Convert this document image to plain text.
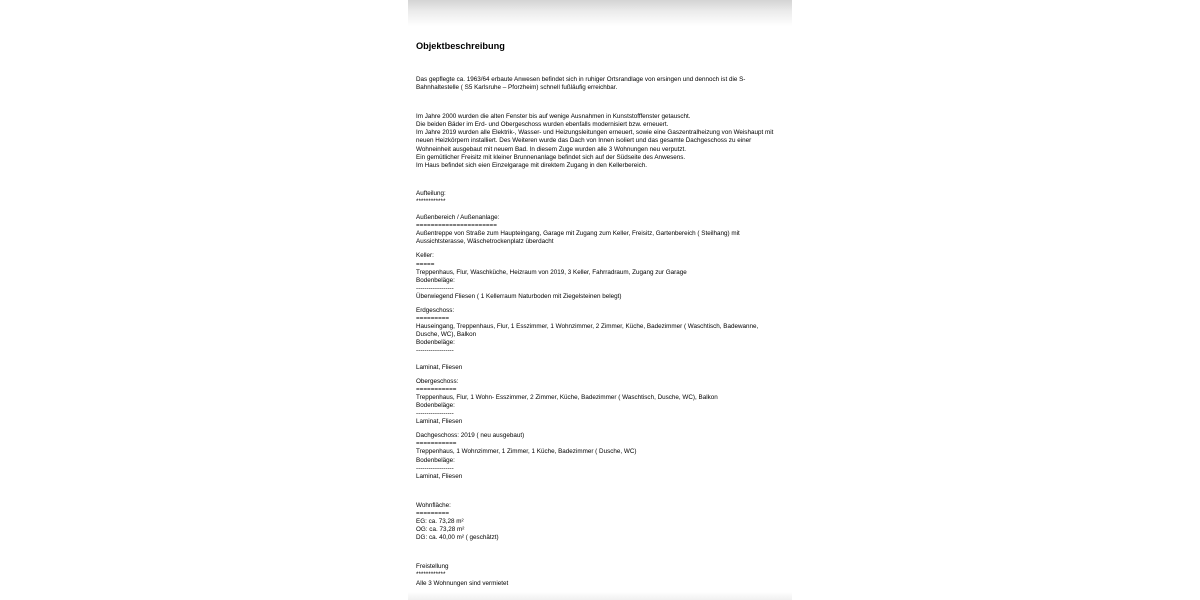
Objektbeschreibung

Das gepflegte ca. 1963/64 erbaute Anwesen befindet sich in ruhiger Ortsrandlage von ersingen und dennoch ist die S-
Bahnhaltestelle ( S5 Karlsruhe – Pforzheim) schnell fußläufig erreichbar.

Im Jahre 2000 wurden die alten Fenster bis auf wenige Ausnahmen in Kunststofffenster getauscht.
Die beiden Bäder im Erd- und Obergeschoss wurden ebenfalls modernisiert bzw. erneuert.
Im Jahre 2019 wurden alle Elektrik-, Wasser- und Heizungsleitungen erneuert, sowie eine Gaszentralheizung von Weishaupt mit
neuen Heizkörpern installiert. Des Weiteren wurde das Dach von Innen isoliert und das gesamte Dachgeschoss zu einer
Wohneinheit ausgebaut mit neuem Bad. In diesem Zuge wurden alle 3 Wohnungen neu verputzt.
Ein gemütlicher Freisitz mit kleiner Brunnenanlage befindet sich auf der Südseite des Anwesens.
Im Haus befindet sich eien Einzelgarage mit direktem Zugang in den Kellerbereich.

Aufteilung:
************

Außenbereich / Außenanlage:
======================
Außentreppe von Straße zum Haupteingang, Garage mit Zugang zum Keller, Freisitz, Gartenbereich ( Steilhang) mit
Aussichtsterasse, Wäschetrockenplatz überdacht

Keller:
=====
Treppenhaus, Flur, Waschküche, Heizraum von 2019, 3 Keller, Fahrradraum, Zugang zur Garage
Bodenbeläge:
------------------
Überwiegend Fliesen ( 1 Kellerraum Naturboden mit Ziegelsteinen belegt)

Erdgeschoss:
=========
Hauseingang, Treppenhaus, Flur, 1 Esszimmer, 1 Wohnzimmer, 2 Zimmer, Küche, Badezimmer ( Waschtisch, Badewanne,
Dusche, WC), Balkon
Bodenbeläge:
------------------

Laminat, Fliesen

Obergeschoss:
===========
Treppenhaus, Flur, 1 Wohn- Esszimmer, 2 Zimmer, Küche, Badezimmer ( Waschtisch, Dusche, WC), Balkon
Bodenbeläge:
------------------
Laminat, Fliesen

Dachgeschoss: 2019 ( neu ausgebaut)
===========
Treppenhaus, 1 Wohnzimmer, 1 Zimmer, 1 Küche, Badezimmer ( Dusche, WC)
Bodenbeläge:
------------------
Laminat, Fliesen

Wohnfläche:
=========
EG: ca. 73,28 m²
OG: ca. 73,28 m²
DG: ca. 40,00 m² ( geschätzt)

Freistellung
************
Alle 3 Wohnungen sind vermietet
